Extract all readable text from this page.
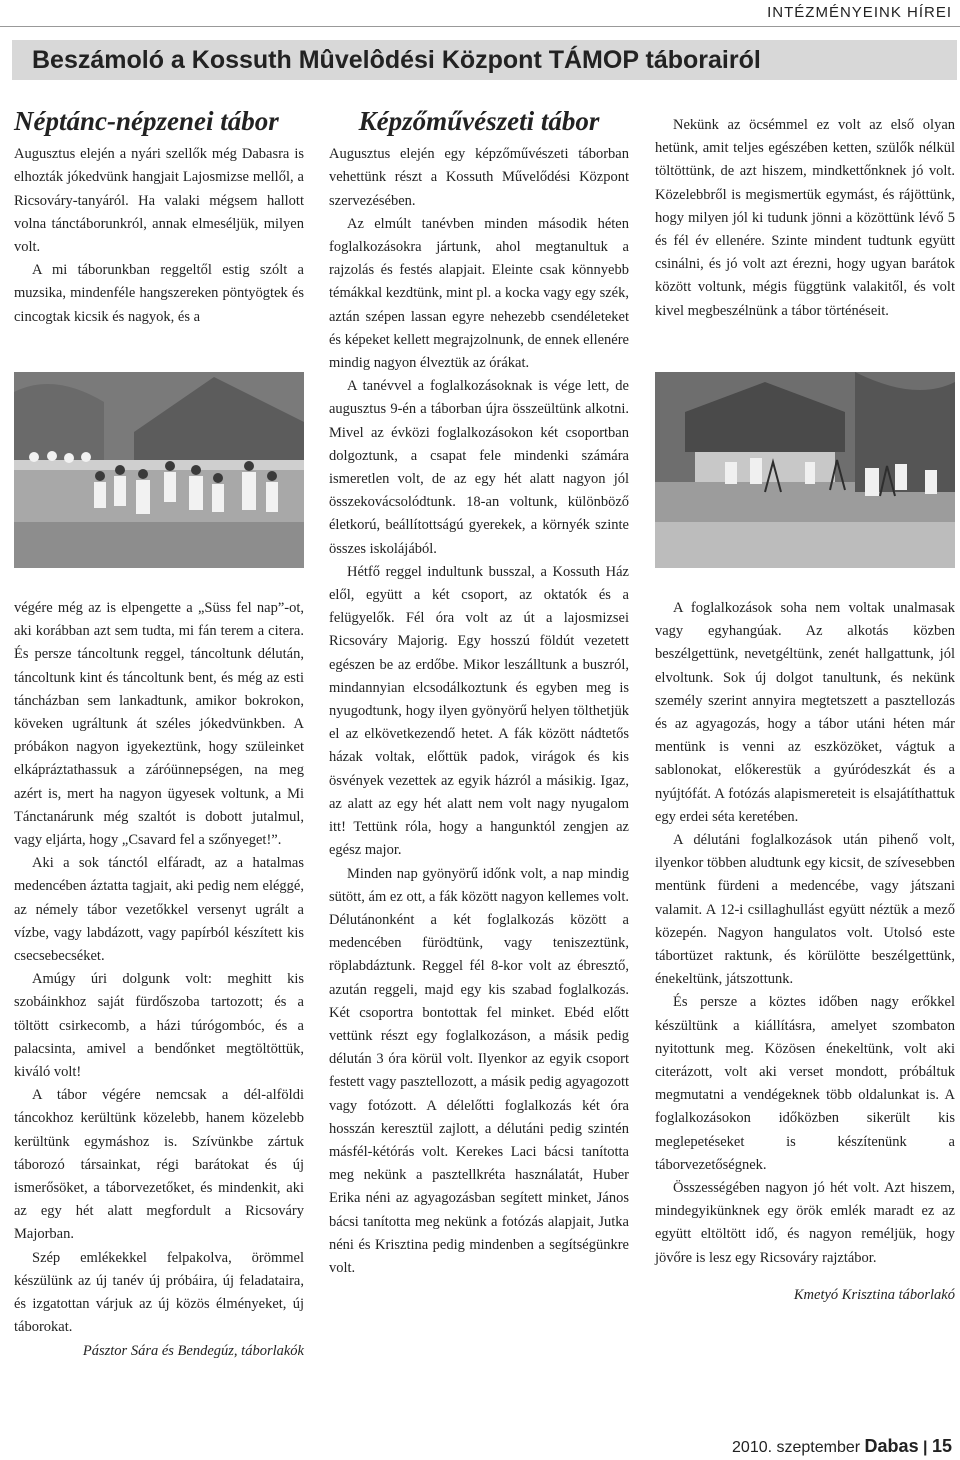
INTÉZMÉNYEINK HÍREI
Beszámoló a Kossuth Mûvelôdési Központ TÁMOP táborairól
Néptánc-népzenei tábor

Augusztus elején a nyári szellők még Dabasra is elhozták jókedvünk hangjait Lajosmizse mellől, a Ricsováry-tanyáról. Ha valaki mégsem hallott volna tánctáborunkról, annak elmeséljük, milyen volt.

A mi táborunkban reggeltől estig szólt a muzsika, mindenféle hangszereken pöntyögtek és cincogtak kicsik és nagyok, és a

végére még az is elpengette a „Süss fel nap”-ot, aki korábban azt sem tudta, mi fán terem a citera. És persze táncoltunk reggel, táncoltunk délután, táncoltunk kint és táncoltunk bent, és még az esti táncházban sem lankadtunk, amikor bokrokon, köveken ugráltunk át széles jókedvünkben. A próbákon nagyon igyekeztünk, hogy szüleinket elkápráztathassuk a záróünnepségen, na meg azért is, mert ha nagyon ügyesek voltunk, a Mi Tánctanárunk még szaltót is dobott jutalmul, vagy eljárta, hogy „Csavard fel a szőnyeget!”.

Aki a sok tánctól elfáradt, az a hatalmas medencében áztatta tagjait, aki pedig nem eléggé, az némely tábor vezetőkkel versenyt ugrált a vízbe, vagy labdázott, vagy papírból készített kis csecsebecséket.

Amúgy úri dolgunk volt: meghitt kis szobáinkhoz saját fürdőszoba tartozott; és a töltött csirkecomb, a házi túrógombóc, és a palacsinta, amivel a bendőnket megtöltöttük, kiváló volt!

A tábor végére nemcsak a dél-alföldi táncokhoz kerültünk közelebb, hanem közelebb kerültünk egymáshoz is. Szívünkbe zártuk táborozó társainkat, régi barátokat és új ismerősöket, a táborvezetőket, és mindenkit, aki az egy hét alatt megfordult a Ricsováry Majorban.

Szép emlékekkel felpakolva, örömmel készülünk az új tanév új próbáira, új feladataira, és izgatottan várjuk az új közös élményeket, új táborokat.

Pásztor Sára és Bendegúz, táborlakók

Képzőművészeti tábor

Augusztus elején egy képzőművészeti táborban vehettünk részt a Kossuth Művelődési Központ szervezésében.

Az elmúlt tanévben minden második héten foglalkozásokra jártunk, ahol megtanultuk a rajzolás és festés alapjait. Eleinte csak könnyebb témákkal kezdtünk, mint pl. a kocka vagy egy szék, aztán szépen lassan egyre nehezebb csendéleteket és képeket kellett megrajzolnunk, de ennek ellenére mindig nagyon élveztük az órákat.

A tanévvel a foglalkozásoknak is vége lett, de augusztus 9-én a táborban újra összeültünk alkotni. Mivel az évközi foglalkozásokon két csoportban dolgoztunk, a csapat fele mindenki számára ismeretlen volt, de az egy hét alatt nagyon jól összekovácsolódtunk. 18-an voltunk, különböző életkorú, beállítottságú gyerekek, a környék szinte összes iskolájából.

Hétfő reggel indultunk busszal, a Kossuth Ház elől, együtt a két csoport, az oktatók és a felügyelők. Fél óra volt az út a lajosmizsei Ricsováry Majorig. Egy hosszú földút vezetett egészen be az erdőbe. Mikor leszálltunk a buszról, mindannyian elcsodálkoztunk és egyben meg is nyugodtunk, hogy ilyen gyönyörű helyen tölthetjük el az elkövetkezendő hetet. A fák között nádtetős házak voltak, előttük padok, virágok és kis ösvények vezettek az egyik házról a másikig. Igaz, az alatt az egy hét alatt nem volt nagy nyugalom itt! Tettünk róla, hogy a hangunktól zengjen az egész major.

Minden nap gyönyörű időnk volt, a nap mindig sütött, ám ez ott, a fák között nagyon kellemes volt. Délutánonként a két foglalkozás között a medencében fürödtünk, vagy teniszeztünk, röplabdáztunk. Reggel fél 8-kor volt az ébresztő, azután reggeli, majd egy kis szabad foglalkozás. Két csoportra bontottak fel minket. Ebéd előtt vettünk részt egy foglalkozáson, a másik pedig délután 3 óra körül volt. Ilyenkor az egyik csoport festett vagy pasztellozott, a másik pedig agyagozott vagy fotózott. A délelőtti foglalkozás két óra hosszán keresztül zajlott, a délutáni pedig szintén másfél-kétórás volt. Kerekes Laci bácsi tanította meg nekünk a pasztellkréta használatát, Huber Erika néni az agyagozásban segített minket, János bácsi tanította meg nekünk a fotózás alapjait, Jutka néni és Krisztina pedig mindenben a segítségünkre volt.

Nekünk az öcsémmel ez volt az első olyan hetünk, amit teljes egészében ketten, szülők nélkül töltöttünk, de azt hiszem, mindkettőnknek jó volt. Közelebbről is megismertük egymást, és rájöttünk, hogy milyen jól ki tudunk jönni a közöttünk lévő 5 és fél év ellenére. Szinte mindent tudtunk együtt csinálni, és jó volt azt érezni, hogy ugyan barátok között voltunk, mégis függtünk valakitől, és volt kivel megbeszélnünk a tábor történéseit.

A foglalkozások soha nem voltak unalmasak vagy egyhangúak. Az alkotás közben beszélgettünk, nevetgéltünk, zenét hallgattunk, jól elvoltunk. Sok új dolgot tanultunk, és nekünk személy szerint annyira megtetszett a pasztellozás és az agyagozás, hogy a tábor utáni héten már mentünk is venni az eszközöket, vágtuk a sablonokat, előkerestük a gyúródeszkát és a nyújtófát. A fotózás alapismereteit is elsajátíthattuk egy erdei séta keretében.

A délutáni foglalkozások után pihenő volt, ilyenkor többen aludtunk egy kicsit, de szívesebben mentünk fürdeni a medencébe, vagy játszani valamit. A 12-i csillaghullást együtt néztük a mező közepén. Nagyon hangulatos volt. Utolsó este tábortüzet raktunk, és körülötte beszélgettünk, énekeltünk, játszottunk.

És persze a köztes időben nagy erőkkel készültünk a kiállításra, amelyet szombaton nyitottunk meg. Közösen énekeltünk, volt aki citerázott, volt aki verset mondott, próbáltuk megmutatni a vendégeknek több oldalunkat is. A foglalkozásokon időközben sikerült kis meglepetéseket is készítenünk a táborvezetőségnek.

Összességében nagyon jó hét volt. Azt hiszem, mindegyikünknek egy örök emlék maradt ez az együtt eltöltött idő, és nagyon reméljük, hogy jövőre is lesz egy Ricsováry rajztábor.

Kmetyó Krisztina táborlakó

2010. szeptember Dabas | 15
